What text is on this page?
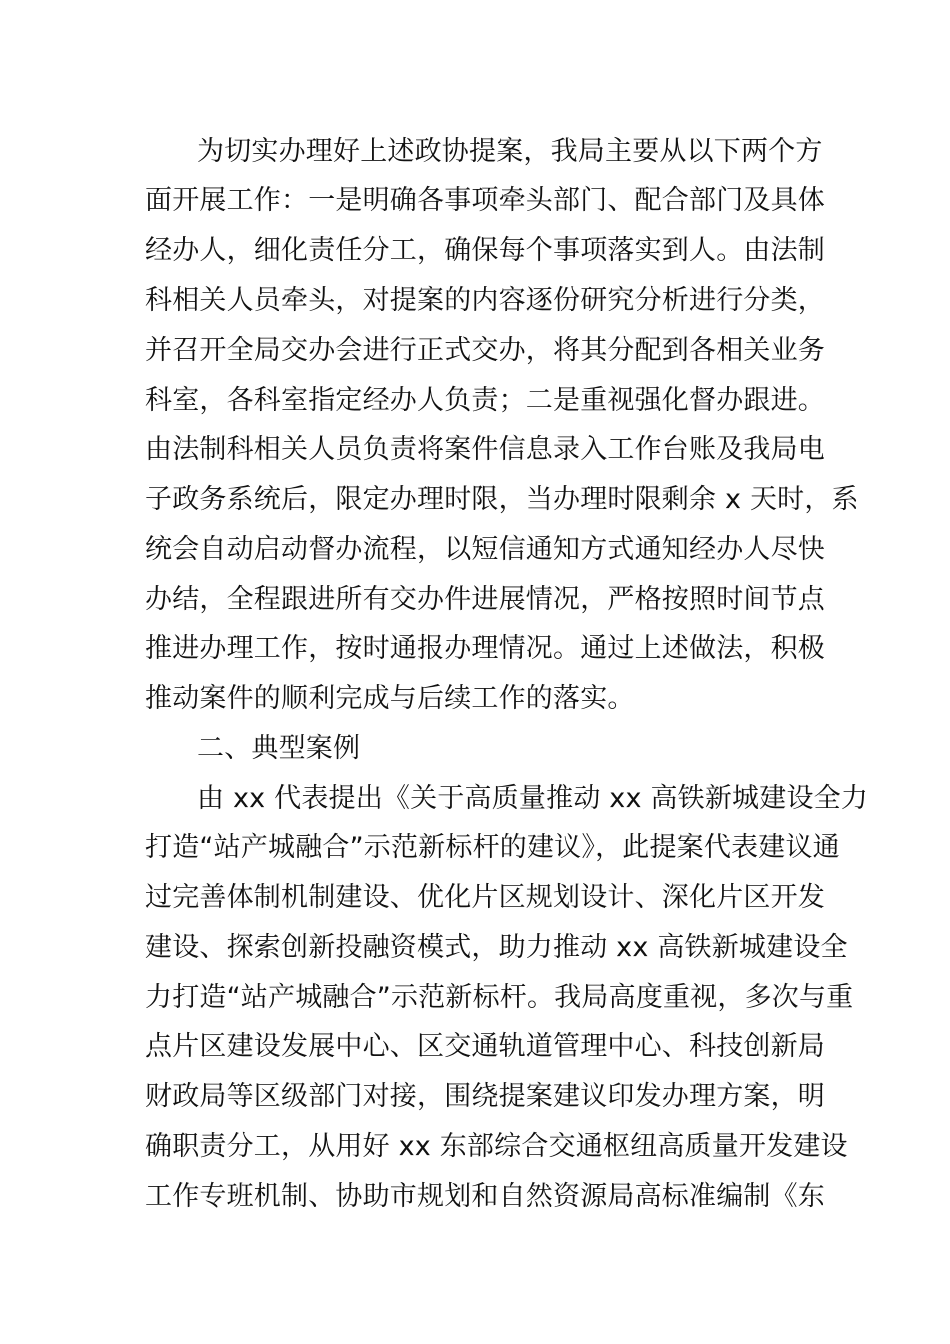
为切实办理好上述政协提案，我局主要从以下两个方
面开展工作：一是明确各事项牵头部门、配合部门及具体
经办人，细化责任分工，确保每个事项落实到人。由法制
科相关人员牵头，对提案的内容逐份研究分析进行分类，
并召开全局交办会进行正式交办，将其分配到各相关业务
科室，各科室指定经办人负责；二是重视强化督办跟进。
由法制科相关人员负责将案件信息录入工作台账及我局电
子政务系统后，限定办理时限，当办理时限剩余 x 天时，系
统会自动启动督办流程，以短信通知方式通知经办人尽快
办结，全程跟进所有交办件进展情况，严格按照时间节点
推进办理工作，按时通报办理情况。通过上述做法，积极
推动案件的顺利完成与后续工作的落实。
二、典型案例
由 xx 代表提出《关于高质量推动 xx 高铁新城建设全力
打造“站产城融合”示范新标杆的建议》，此提案代表建议通
过完善体制机制建设、优化片区规划设计、深化片区开发
建设、探索创新投融资模式，助力推动 xx 高铁新城建设全
力打造“站产城融合”示范新标杆。我局高度重视，多次与重
点片区建设发展中心、区交通轨道管理中心、科技创新局
财政局等区级部门对接，围绕提案建议印发办理方案，明
确职责分工，从用好 xx 东部综合交通枢纽高质量开发建设
工作专班机制、协助市规划和自然资源局高标准编制《东
